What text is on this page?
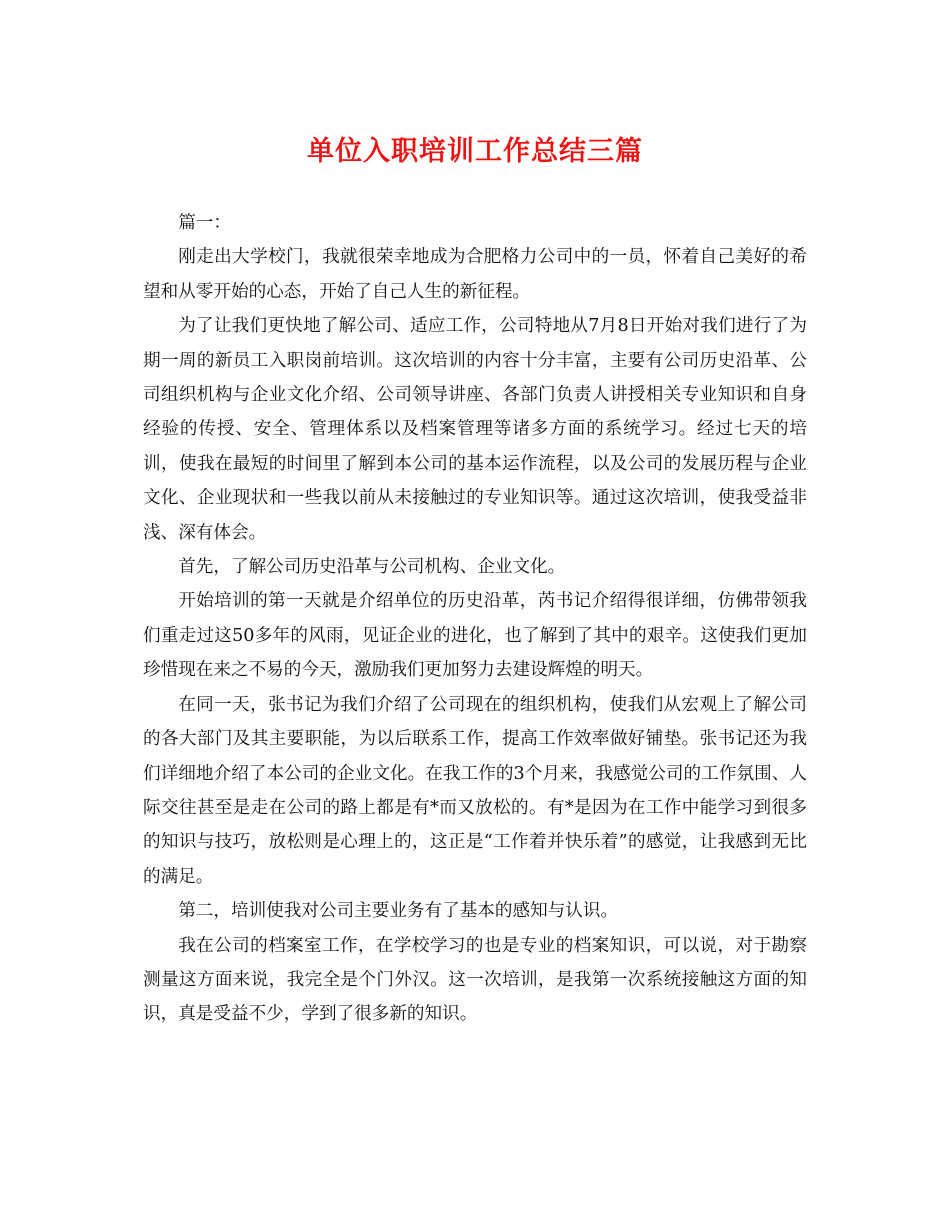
单位入职培训工作总结三篇

篇一：

刚走出大学校门，我就很荣幸地成为合肥格力公司中的一员，怀着自己美好的希望和从零开始的心态，开始了自己人生的新征程。

为了让我们更快地了解公司、适应工作，公司特地从7月8日开始对我们进行了为期一周的新员工入职岗前培训。这次培训的内容十分丰富，主要有公司历史沿革、公司组织机构与企业文化介绍、公司领导讲座、各部门负责人讲授相关专业知识和自身经验的传授、安全、管理体系以及档案管理等诸多方面的系统学习。经过七天的培训，使我在最短的时间里了解到本公司的基本运作流程，以及公司的发展历程与企业文化、企业现状和一些我以前从未接触过的专业知识等。通过这次培训，使我受益非浅、深有体会。

首先，了解公司历史沿革与公司机构、企业文化。

开始培训的第一天就是介绍单位的历史沿革，芮书记介绍得很详细，仿佛带领我们重走过这50多年的风雨，见证企业的进化，也了解到了其中的艰辛。这使我们更加珍惜现在来之不易的今天，激励我们更加努力去建设辉煌的明天。

在同一天，张书记为我们介绍了公司现在的组织机构，使我们从宏观上了解公司的各大部门及其主要职能，为以后联系工作，提高工作效率做好铺垫。张书记还为我们详细地介绍了本公司的企业文化。在我工作的3个月来，我感觉公司的工作氛围、人际交往甚至是走在公司的路上都是有*而又放松的。有*是因为在工作中能学习到很多的知识与技巧，放松则是心理上的，这正是“工作着并快乐着”的感觉，让我感到无比的满足。

第二，培训使我对公司主要业务有了基本的感知与认识。

我在公司的档案室工作，在学校学习的也是专业的档案知识，可以说，对于勘察测量这方面来说，我完全是个门外汉。这一次培训，是我第一次系统接触这方面的知识，真是受益不少，学到了很多新的知识。
